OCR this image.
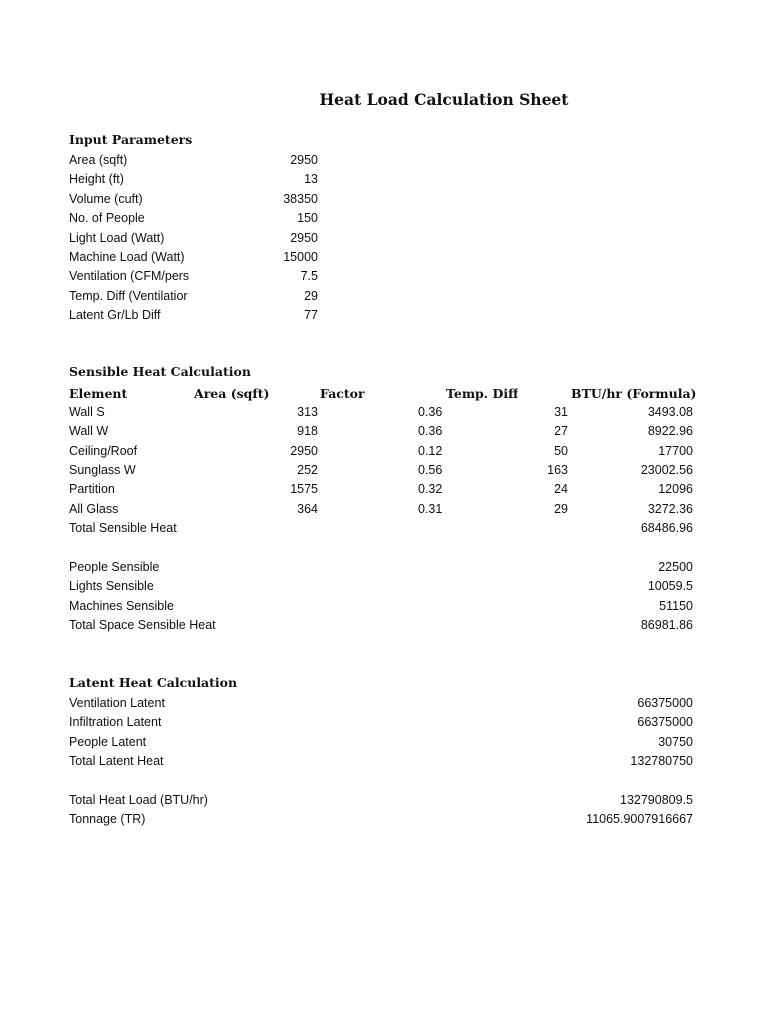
Heat Load Calculation Sheet
Input Parameters
Area (sqft)	2950
Height (ft)	13
Volume (cuft)	38350
No. of People	150
Light Load (Watt)	2950
Machine Load (Watt)	15000
Ventilation (CFM/pers	7.5
Temp. Diff (Ventilatior	29
Latent Gr/Lb Diff	77
Sensible Heat Calculation
Element	Area (sqft)	Factor	Temp. Diff	BTU/hr (Formula)
Wall S	313	0.36	31	3493.08
Wall W	918	0.36	27	8922.96
Ceiling/Roof	2950	0.12	50	17700
Sunglass W	252	0.56	163	23002.56
Partition	1575	0.32	24	12096
All Glass	364	0.31	29	3272.36
Total Sensible Heat	68486.96
People Sensible	22500
Lights Sensible	10059.5
Machines Sensible	51150
Total Space Sensible Heat	86981.86
Latent Heat Calculation
Ventilation Latent	66375000
Infiltration Latent	66375000
People Latent	30750
Total Latent Heat	132780750
Total Heat Load (BTU/hr)	132790809.5
Tonnage (TR)	11065.9007916667
